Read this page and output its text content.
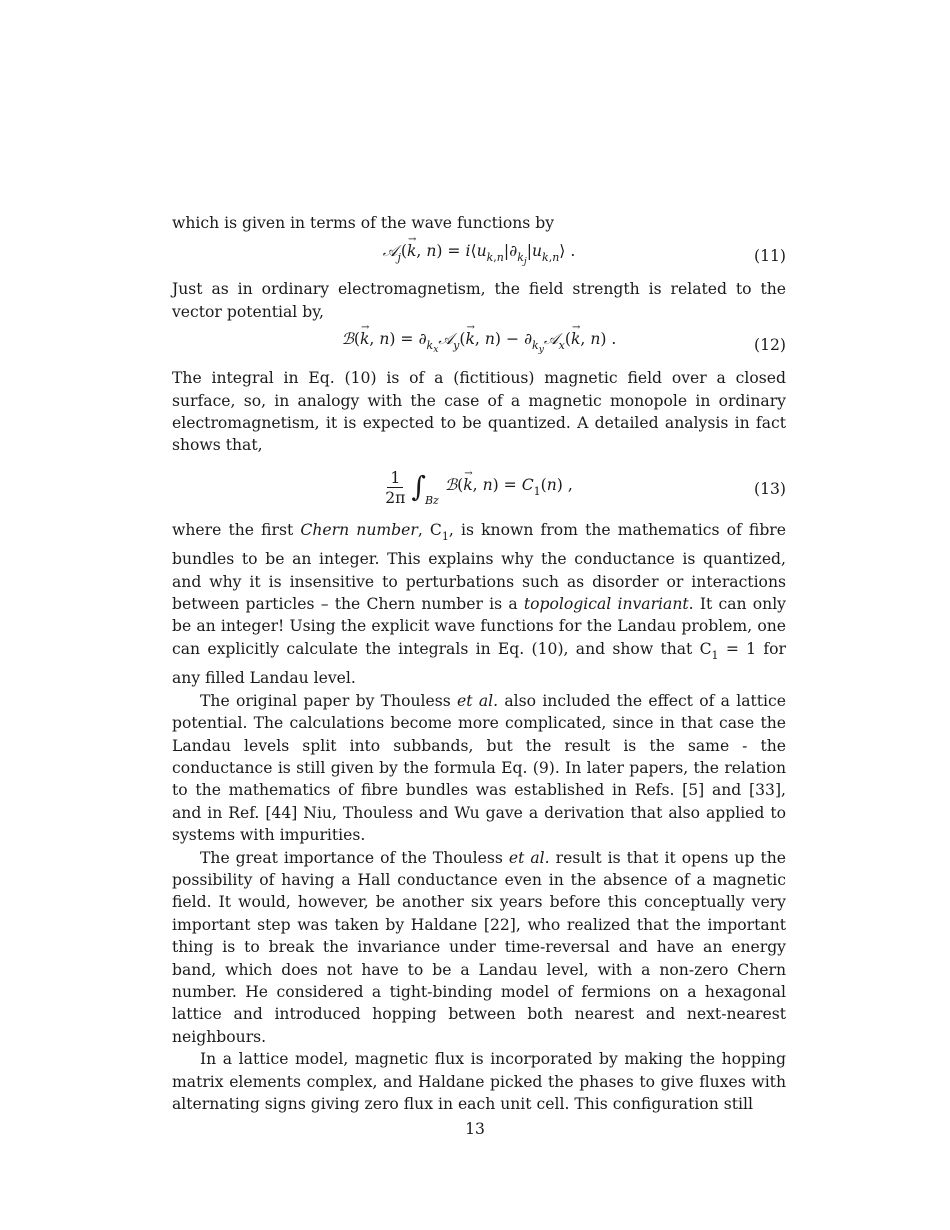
which is given in terms of the wave functions by

𝒜$_j$(→ k, $n) = i⟨u_{k,n}|\partial_{k_j}|u_{k,n}⟩$ .	(11)

Just as in ordinary electromagnetism, the field strength is related to the vector potential by,

ℬ(→ k, $n) = \partial_{k_x}𝒜_y(\to k$, $n) - \partial_{k_y}𝒜_x(\to k$, n) .	(12)

The integral in Eq. (10) is of a (fictitious) magnetic field over a closed surface, so, in analogy with the case of a magnetic monopole in ordinary electromagnetism, it is expected to be quantized. A detailed analysis in fact shows that,

$\frac{1}{2\pi}$ ∫ Bz
ℬ(→ k, $n) = C_1(n)$ ,	(13)

where the first Chern number, $C_1$, is known from the mathematics of fibre bundles to be an integer. This explains why the conductance is quantized, and why it is insensitive to perturbations such as disorder or interactions between particles – the Chern number is a topological invariant. It can only be an integer! Using the explicit wave functions for the Landau problem, one can explicitly calculate the integrals in Eq. (10), and show that $C_1 = 1$ for any filled Landau level.

The original paper by Thouless et al. also included the effect of a lattice potential. The calculations become more complicated, since in that case the Landau levels split into subbands, but the result is the same - the conductance is still given by the formula Eq. (9). In later papers, the relation to the mathematics of fibre bundles was established in Refs. [5] and [33], and in Ref. [44] Niu, Thouless and Wu gave a derivation that also applied to systems with impurities.

The great importance of the Thouless et al. result is that it opens up the possibility of having a Hall conductance even in the absence of a magnetic field. It would, however, be another six years before this conceptually very important step was taken by Haldane [22], who realized that the important thing is to break the invariance under time-reversal and have an energy band, which does not have to be a Landau level, with a non-zero Chern number. He considered a tight-binding model of fermions on a hexagonal lattice and introduced hopping between both nearest and next-nearest neighbours.

In a lattice model, magnetic flux is incorporated by making the hopping matrix elements complex, and Haldane picked the phases to give fluxes with alternating signs giving zero flux in each unit cell. This configuration still

13
